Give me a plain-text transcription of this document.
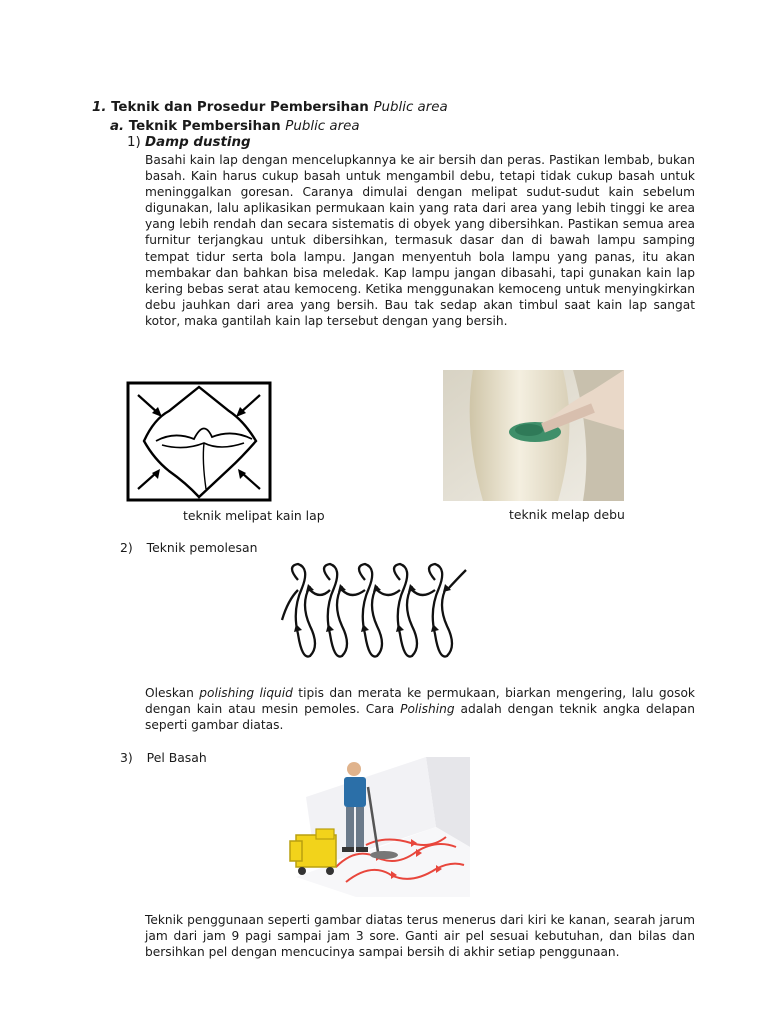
1. Teknik dan Prosedur Pembersihan Public area
a. Teknik Pembersihan Public area
1) Damp dusting
Basahi kain lap dengan mencelupkannya ke air bersih dan peras. Pastikan lembab, bukan basah. Kain harus cukup basah untuk mengambil debu, tetapi tidak cukup basah untuk meninggalkan goresan. Caranya dimulai dengan melipat sudut-sudut kain sebelum digunakan, lalu aplikasikan permukaan kain yang rata dari area yang lebih tinggi ke area yang lebih rendah dan secara sistematis di obyek yang dibersihkan. Pastikan semua area furnitur terjangkau untuk dibersihkan, termasuk dasar dan di bawah lampu samping tempat tidur serta bola lampu. Jangan menyentuh bola lampu yang panas, itu akan membakar dan bahkan bisa meledak. Kap lampu jangan dibasahi, tapi gunakan kain lap kering bebas serat atau kemoceng. Ketika menggunakan kemoceng untuk menyingkirkan debu jauhkan dari area yang bersih. Bau tak sedap akan timbul saat kain lap sangat kotor, maka gantilah kain lap tersebut dengan yang bersih.
teknik melipat kain lap	teknik melap debu
2) Teknik pemolesan
Oleskan polishing liquid tipis dan merata ke permukaan, biarkan mengering, lalu gosok dengan kain atau mesin pemoles. Cara Polishing adalah dengan teknik angka delapan seperti gambar diatas.
3) Pel Basah
Teknik penggunaan seperti gambar diatas terus menerus dari kiri ke kanan, searah jarum jam dari jam 9 pagi sampai jam 3 sore. Ganti air pel sesuai kebutuhan, dan bilas dan bersihkan pel dengan mencucinya sampai bersih di akhir setiap penggunaan.
